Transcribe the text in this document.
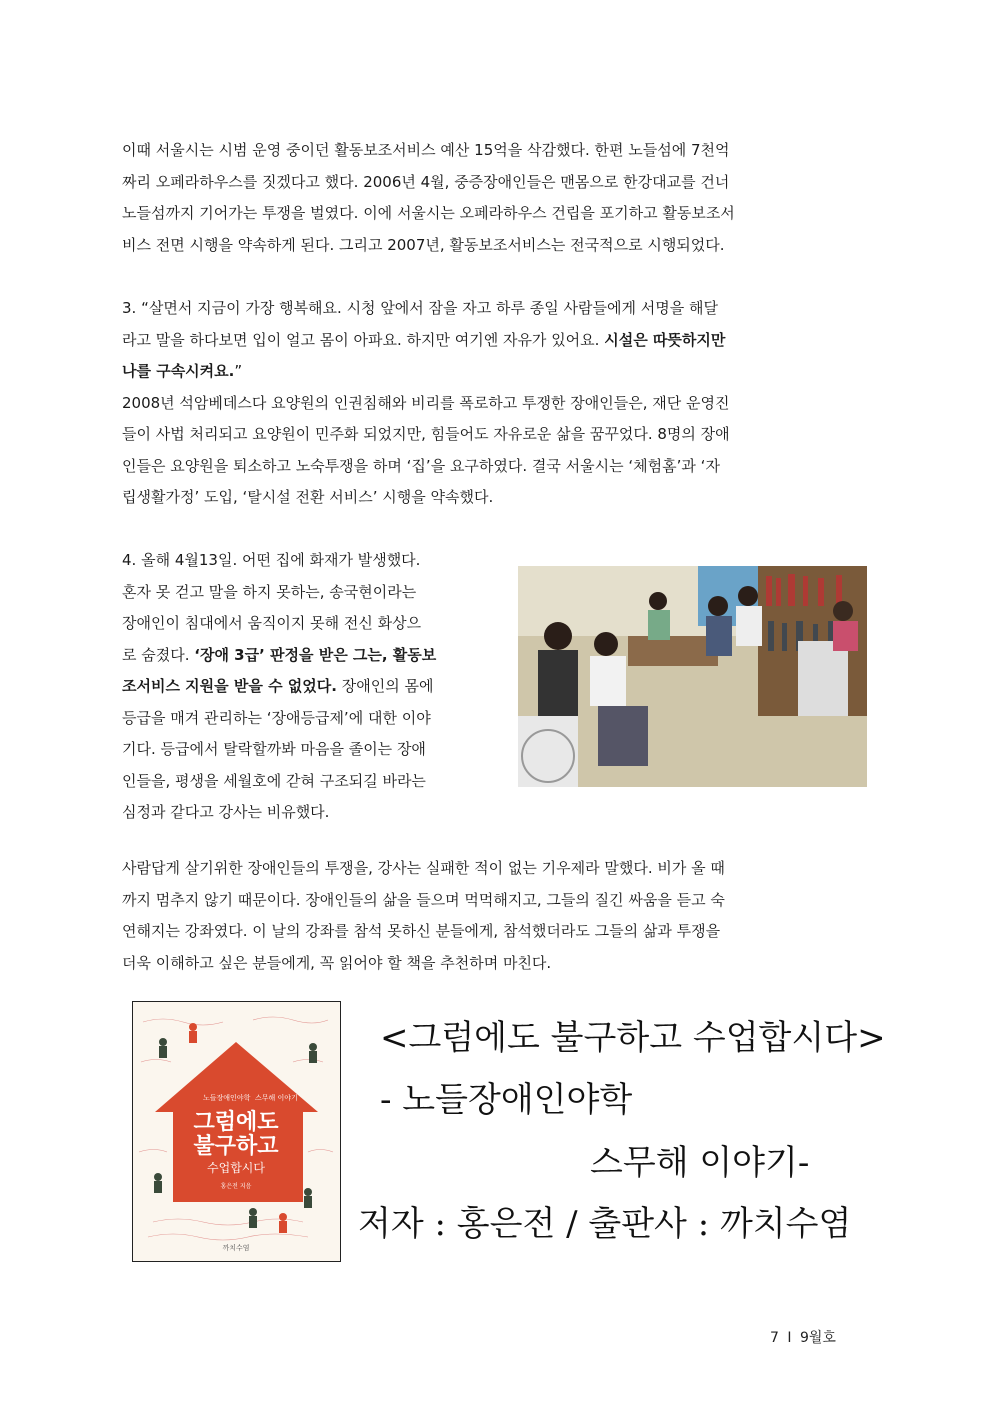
이때 서울시는 시범 운영 중이던 활동보조서비스 예산 15억을 삭감했다. 한편 노들섬에 7천억
짜리 오페라하우스를 짓겠다고 했다. 2006년 4월, 중증장애인들은 맨몸으로 한강대교를 건너
노들섬까지 기어가는 투쟁을 벌였다. 이에 서울시는 오페라하우스 건립을 포기하고 활동보조서
비스 전면 시행을 약속하게 된다. 그리고 2007년, 활동보조서비스는 전국적으로 시행되었다.
3. “살면서 지금이 가장 행복해요. 시청 앞에서 잠을 자고 하루 종일 사람들에게 서명을 해달
라고 말을 하다보면 입이 얼고 몸이 아파요. 하지만 여기엔 자유가 있어요. 시설은 따뜻하지만
나를 구속시켜요.”
2008년 석암베데스다 요양원의 인권침해와 비리를 폭로하고 투쟁한 장애인들은, 재단 운영진
들이 사법 처리되고 요양원이 민주화 되었지만, 힘들어도 자유로운 삶을 꿈꾸었다. 8명의 장애
인들은 요양원을 퇴소하고 노숙투쟁을 하며 ‘집’을 요구하였다. 결국 서울시는 ‘체험홈’과 ‘자
립생활가정’ 도입, ‘탈시설 전환 서비스’ 시행을 약속했다.
4. 올해 4월13일. 어떤 집에 화재가 발생했다.
혼자 못 걷고 말을 하지 못하는, 송국현이라는
장애인이 침대에서 움직이지 못해 전신 화상으
로 숨졌다. ‘장애 3급’ 판정을 받은 그는, 활동보
조서비스 지원을 받을 수 없었다. 장애인의 몸에
등급을 매겨 관리하는 ‘장애등급제’에 대한 이야
기다. 등급에서 탈락할까봐 마음을 졸이는 장애
인들을, 평생을 세월호에 갇혀 구조되길 바라는
심정과 같다고 강사는 비유했다.
사람답게 살기위한 장애인들의 투쟁을, 강사는 실패한 적이 없는 기우제라 말했다. 비가 올 때
까지 멈추지 않기 때문이다. 장애인들의 삶을 들으며 먹먹해지고, 그들의 질긴 싸움을 듣고 숙
연해지는 강좌였다. 이 날의 강좌를 참석 못하신 분들에게, 참석했더라도 그들의 삶과 투쟁을
더욱 이해하고 싶은 분들에게, 꼭 읽어야 할 책을 추천하며 마친다.
노들장애인야학 스무해 이야기
그럼에도
불구하고
수업합시다
홍은전 지음
까치수염
<그럼에도 불구하고 수업합시다>
- 노들장애인야학
스무해 이야기-
저자 : 홍은전 / 출판사 : 까치수염
7 I 9월호
